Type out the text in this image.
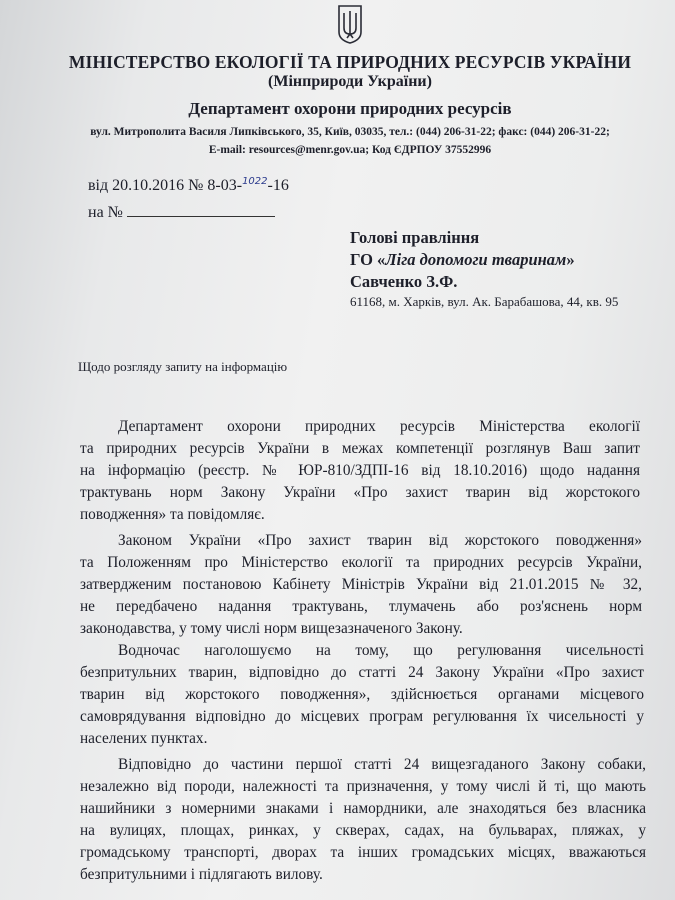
МІНІСТЕРСТВО ЕКОЛОГІЇ ТА ПРИРОДНИХ РЕСУРСІВ УКРАЇНИ
(Мінприроди України)
Департамент охорони природних ресурсів
вул. Митрополита Василя Липківського, 35, Київ, 03035, тел.: (044) 206-31-22; факс: (044) 206-31-22;
E-mail: resources@menr.gov.ua; Код ЄДРПОУ 37552996
від 20.10.2016 № 8-03-$^{1022}$-16
на №
Голові правління
ГО «Ліга допомоги тваринам»
Савченко З.Ф.
61168, м. Харків, вул. Ак. Барабашова, 44, кв. 95
Щодо розгляду запиту на інформацію
Департамент охорони природних ресурсів Міністерства екології
та природних ресурсів України в межах компетенції розглянув Ваш запит
на інформацію (реєстр. № ЮР-810/ЗДПІ-16 від 18.10.2016) щодо надання
трактувань норм Закону України «Про захист тварин від жорстокого
поводження» та повідомляє.
Законом України «Про захист тварин від жорстокого поводження»
та Положенням про Міністерство екології та природних ресурсів України,
затвердженим постановою Кабінету Міністрів України від 21.01.2015 № 32,
не передбачено надання трактувань, тлумачень або роз'яснень норм
законодавства, у тому числі норм вищезазначеного Закону.
Водночас наголошуємо на тому, що регулювання чисельності
безпритульних тварин, відповідно до статті 24 Закону України «Про захист
тварин від жорстокого поводження», здійснюється органами місцевого
самоврядування відповідно до місцевих програм регулювання їх чисельності у
населених пунктах.
Відповідно до частини першої статті 24 вищезгаданого Закону собаки,
незалежно від породи, належності та призначення, у тому числі й ті, що мають
нашийники з номерними знаками і намордники, але знаходяться без власника
на вулицях, площах, ринках, у скверах, садах, на бульварах, пляжах, у
громадському транспорті, дворах та інших громадських місцях, вважаються
безпритульними і підлягають вилову.
